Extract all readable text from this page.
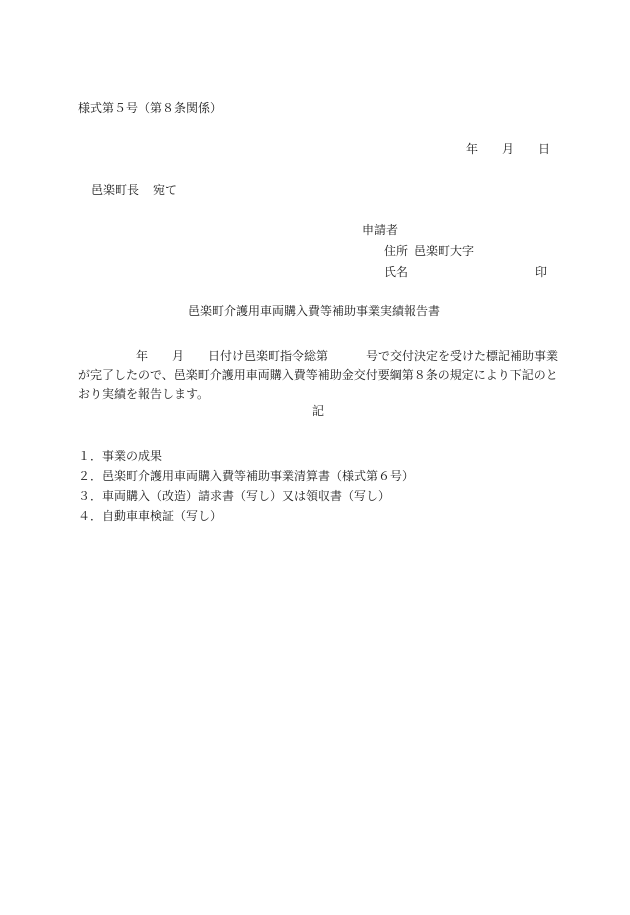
様式第５号（第８条関係）
年 月 日
邑楽町長 宛て
申請者
住所 邑楽町大字
氏名	印
邑楽町介護用車両購入費等補助事業実績報告書
年 月 日付け邑楽町指令総第	号で交付決定を受けた標記補助事業が完了したので、邑楽町介護用車両購入費等補助金交付要綱第８条の規定により下記のとおり実績を報告します。
記
１．事業の成果
２．邑楽町介護用車両購入費等補助事業清算書（様式第６号）
３．車両購入（改造）請求書（写し）又は領収書（写し）
４．自動車車検証（写し）
